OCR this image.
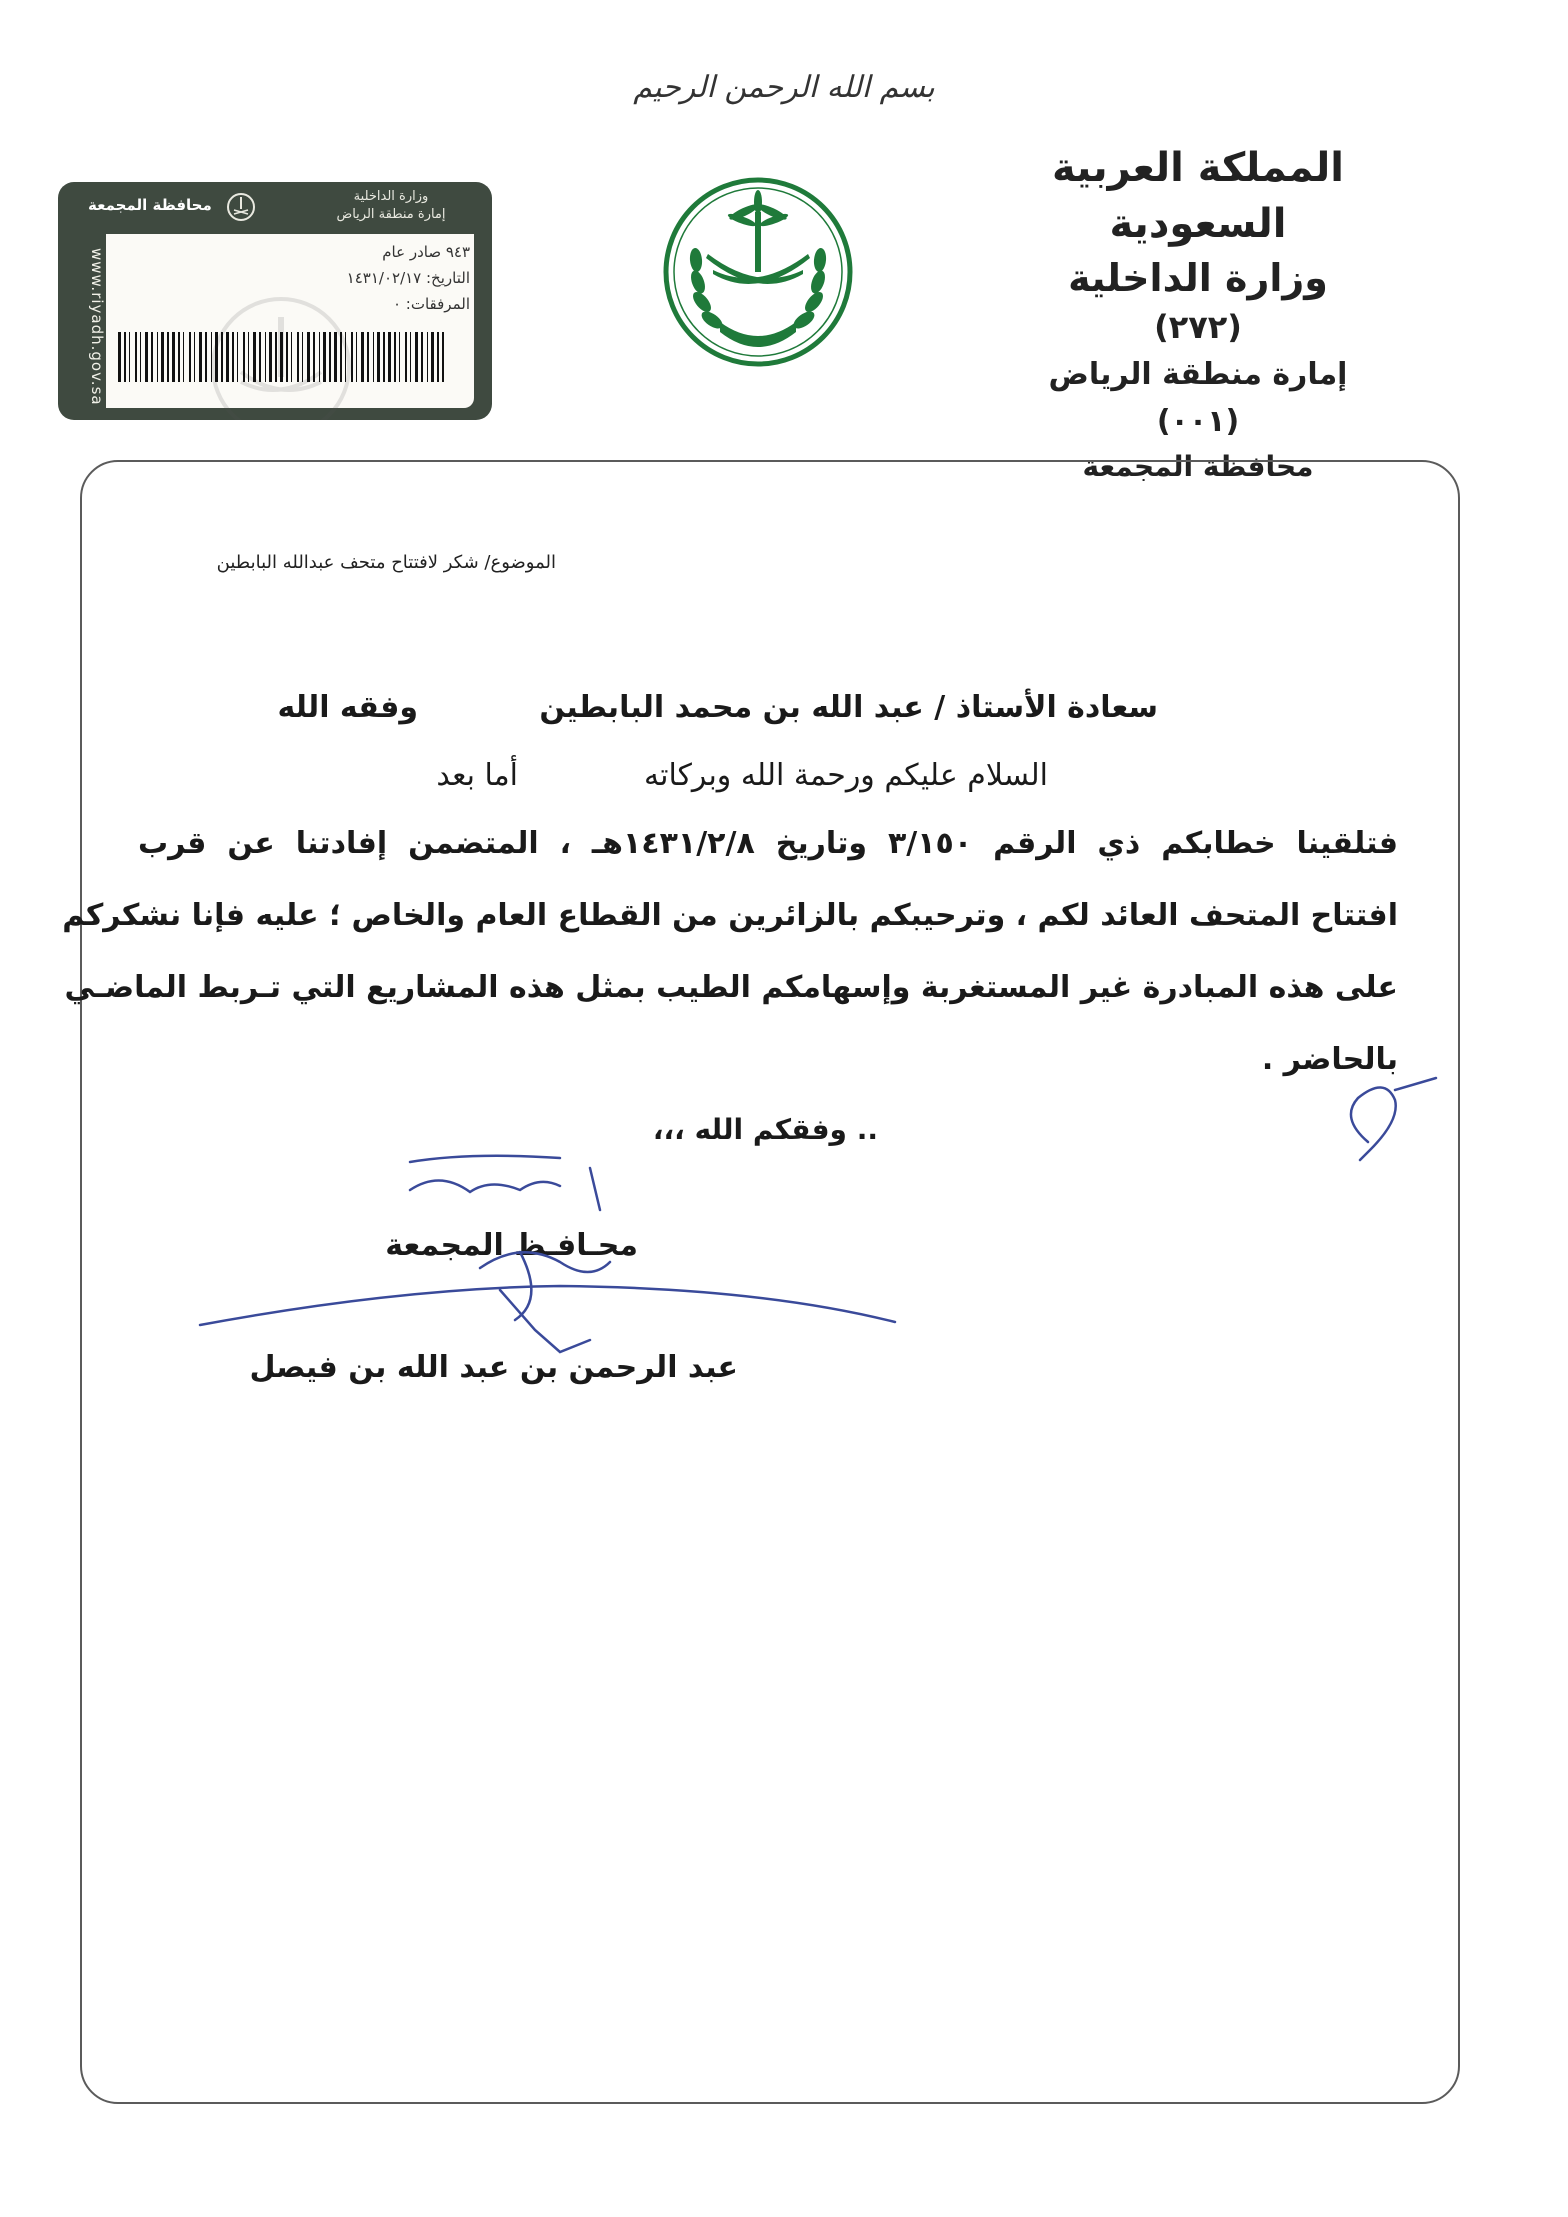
بسم الله الرحمن الرحيم
المملكة العربية السعودية
وزارة الداخلية
(٢٧٢)
إمارة منطقة الرياض
(٠٠١)
محافظة المجمعة
وزارة الداخلية
إمارة منطقة الرياض
محافظة المجمعة
www.riyadh.gov.sa	٩٤٣ صادر عام
التاريخ: ١٤٣١/٠٢/١٧
المرفقات: ٠
الموضوع/ شكر لافتتاح متحف عبدالله البابطين
سعادة الأستاذ / عبد الله بن محمد البابطين
وفقه الله
السلام عليكم ورحمة الله وبركاته
أما بعد
فتلقينا خطابكم ذي الرقم ٣/١٥٠ وتاريخ ١٤٣١/٢/٨هـ ، المتضمن إفادتنا عن قرب
افتتاح المتحف العائد لكم ، وترحيبكم بالزائرين من القطاع العام والخاص ؛ عليه فإنا نشكركم
على هذه المبادرة غير المستغربة وإسهامكم الطيب بمثل هذه المشاريع التي تـربط الماضـي
بالحاضر .
.. وفقكم الله ،،،
محـافـظ المجمعة
عبد الرحمن بن عبد الله بن فيصل
